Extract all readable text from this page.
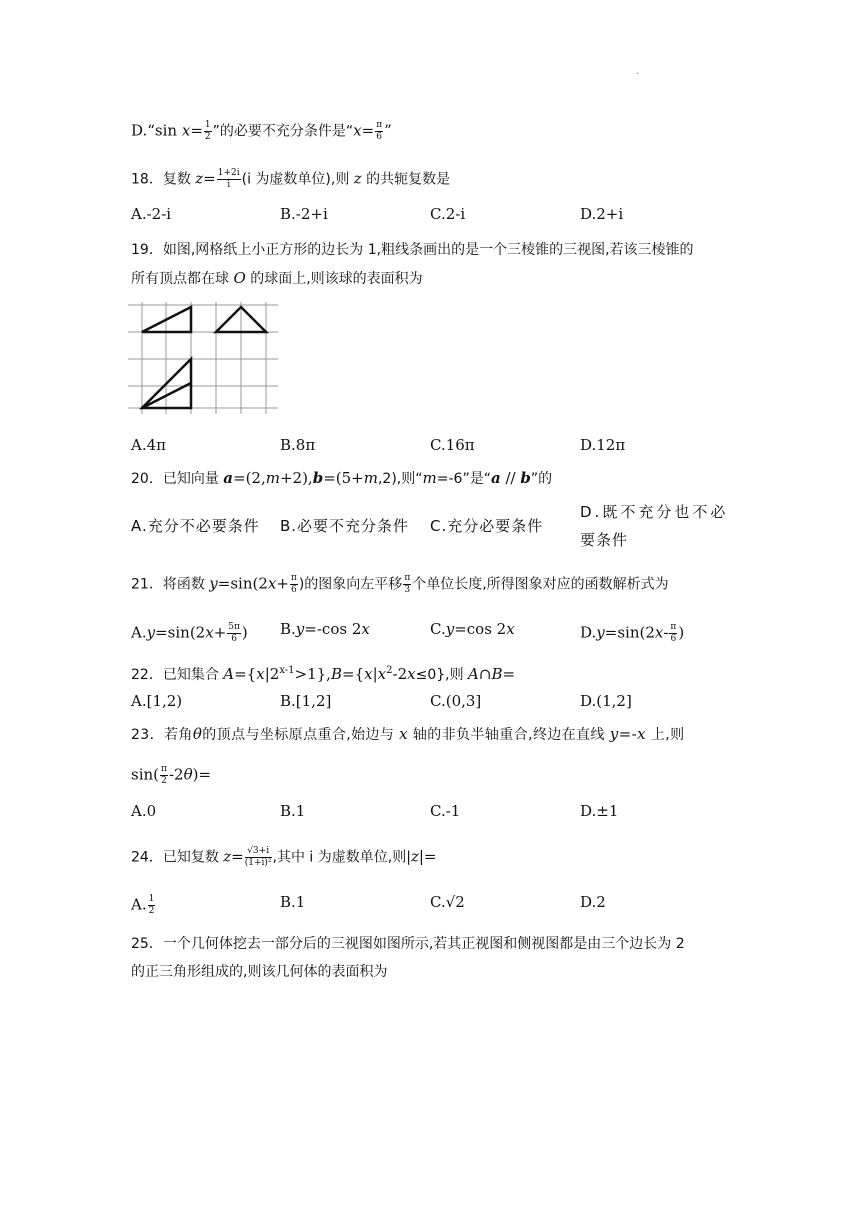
.
D.“sin $x= \frac{1}{2}$ ”的必要不充分条件是“$x= \frac{\pi}{6}$ ”
18．复数 $z= \frac{1+2i}{i} (i$ 为虚数单位),则 z 的共轭复数是
A.-2-i	B.-2+i	C.2-i	D.2+i
19．如图,网格纸上小正方形的边长为 1,粗线条画出的是一个三棱锥的三视图,若该三棱锥的
所有顶点都在球 O 的球面上,则该球的表面积为
A.4π	B.8π	C.16π	D.12π
20．已知向量 a=(2,m+2),b=(5+m,2),则“m=-6”是“a // b”的
A.充分不必要条件 B.必要不充分条件 C.充分必要条件
D.既不充分也不必
要条件
21．将函数 $y=\sin(2x+ \frac{\pi}{6}$ )的图象向左平移 $\frac{\pi}{3}$ 个单位长度,所得图象对应的函数解析式为
$A.y=\sin(2x+ \frac{5\pi}{6}$ ) B.y=-cos 2x	C.y=cos 2x	$D.y=\sin(2x- \frac{\pi}{6}$ )
22．已知集合 $A=\{x|2^{x-1}>1\},B=\{x|x^2-2x\le 0\}$,则 A∩B=
A.[1,2)	B.[1,2]	C.(0,3]	D.(1,2]
23．若角θ的顶点与坐标原点重合,始边与 x 轴的非负半轴重合,终边在直线 y=-x 上,则
$\sin( \frac{\pi}{2} -2\theta)=$
A.0	B.1	C.-1	D.±1
24．已知复数 $z= \frac{√3+i}{\text{(1+i)²}}$ ,其中 i 为虚数单位,则|z|=
A. $\frac{1}{2}$	B.1	C.√2	D.2
25．一个几何体挖去一部分后的三视图如图所示,若其正视图和侧视图都是由三个边长为 2
的正三角形组成的,则该几何体的表面积为
